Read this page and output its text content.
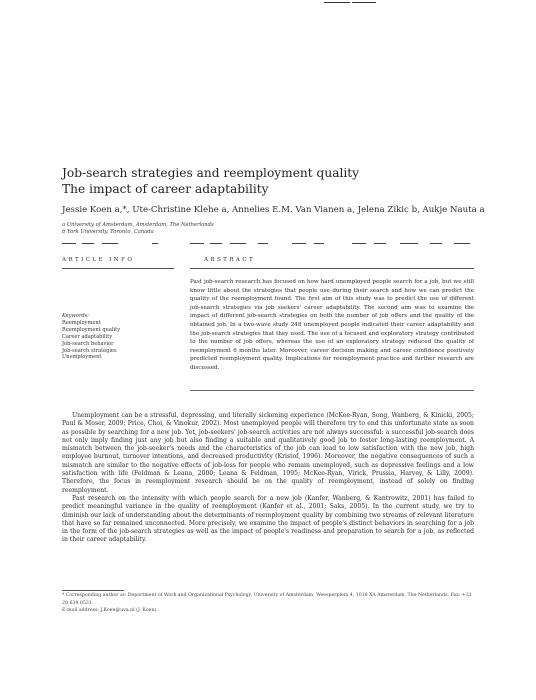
Job-search strategies and reemployment quality
The impact of career adaptability
Jessie Koen a,*, Ute-Christine Klehe a, Annelies E.M. Van Vianen a, Jelena Zikic b, Aukje Nauta a
a University of Amsterdam, Amsterdam, The Netherlands
b York University, Toronto, Canada
ARTICLE INFO	ABSTRACT
Keywords:
Reemployment
Reemployment quality
Career adaptability
Job-search behavior
Job-search strategies
Unemployment
Past job-search research has focused on how hard unemployed people search for a job, but we still know little about the strategies that people use during their search and how we can predict the quality of the reemployment found. The first aim of this study was to predict the use of different job-search strategies via job seekers' career adaptability. The second aim was to examine the impact of different job-search strategies on both the number of job offers and the quality of the obtained job. In a two-wave study 248 unemployed people indicated their career adaptability and the job-search strategies that they used. The use of a focused and exploratory strategy contributed to the number of job offers, whereas the use of an exploratory strategy reduced the quality of reemployment 6 months later. Moreover, career decision making and career confidence positively predicted reemployment quality. Implications for reemployment practice and further research are discussed.

Unemployment can be a stressful, depressing, and literally sickening experience (McKee-Ryan, Song, Wanberg, & Kinicki, 2005; Paul & Moser, 2009; Price, Choi, & Vinokur, 2002). Most unemployed people will therefore try to end this unfortunate state as soon as possible by searching for a new job. Yet, job-seekers' job-search activities are not always successful: a successful job-search does not only imply finding just any job but also finding a suitable and qualitatively good job to foster long-lasting reemployment. A mismatch between the job-seeker's needs and the characteristics of the job can lead to low satisfaction with the new job, high employee burnout, turnover intentions, and decreased productivity (Kristof, 1996). Moreover, the negative consequences of such a mismatch are similar to the negative effects of job-loss for people who remain unemployed, such as depressive feelings and a low satisfaction with life (Feldman & Leana, 2000; Leana & Feldman, 1995; McKee-Ryan, Virick, Prussia, Harvey, & Lilly, 2009). Therefore, the focus in reemployment research should be on the quality of reemployment, instead of solely on finding reemployment.

Past research on the intensity with which people search for a new job (Kanfer, Wanberg, & Kantrowitz, 2001) has failed to predict meaningful variance in the quality of reemployment (Kanfer et al., 2001; Saks, 2005). In the current study, we try to diminish our lack of understanding about the determinants of reemployment quality by combining two streams of relevant literature that have so far remained unconnected. More precisely, we examine the impact of people's distinct behaviors in searching for a job in the form of the job-search strategies as well as the impact of people's readiness and preparation to search for a job, as reflected in their career adaptability.

* Corresponding author at: Department of Work and Organizational Psychology, University of Amsterdam, Weesperplein 4, 1018 XA Amsterdam, The Netherlands. Fax: +31 20 639 0531.
E-mail address: J.Koen@uva.nl (J. Koen).
